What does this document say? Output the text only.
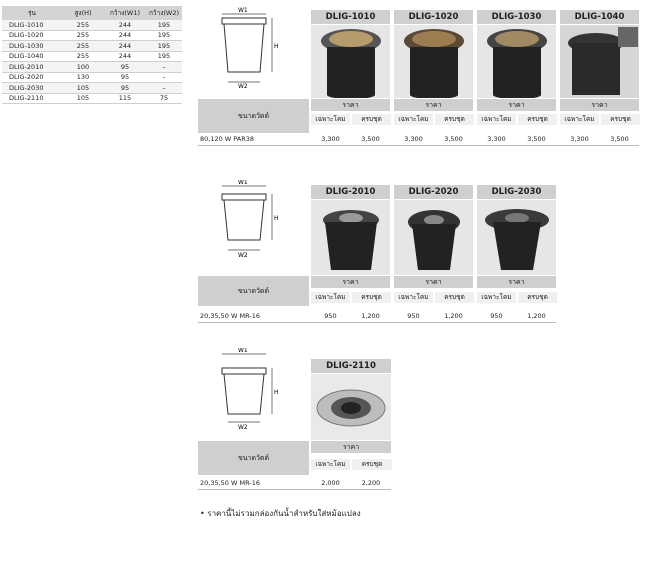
รุ่น	สูง(H)	กว้าง(W1)	กว้าง(W2)
DLIG-1010	255	244	195
DLIG-1020	255	244	195
DLIG-1030	255	244	195
DLIG-1040	255	244	195
DLIG-2010	100	95	–
DLIG-2020	130	95	–
DLIG-2030	105	95	–
DLIG-2110	105	115	75
W1
W2
H
DLIG-1010	DLIG-1020	DLIG-1030	DLIG-1040
ขนาดวัตต์
ราคา	ราคา	ราคา	ราคา
เฉพาะโคม	ครบชุด	เฉพาะโคม	ครบชุด	เฉพาะโคม	ครบชุด	เฉพาะโคม	ครบชุด
80,120 W PAR38	3,300	3,500	3,300	3,500	3,300	3,500	3,300	3,500
W1
W2
H
DLIG-2010	DLIG-2020	DLIG-2030
ขนาดวัตต์
ราคา	ราคา	ราคา
เฉพาะโคม	ครบชุด	เฉพาะโคม	ครบชุด	เฉพาะโคม	ครบชุด
20,35,50 W MR-16	950	1,200	950	1,200	950	1,200
W1
W2
H
DLIG-2110
ขนาดวัตต์
ราคา
เฉพาะโคม	ครบชุด
20,35,50 W MR-16	2,000	2,200
• ราคานี้ไม่รวมกล่องกันน้ำสำหรับใส่หม้อแปลง
